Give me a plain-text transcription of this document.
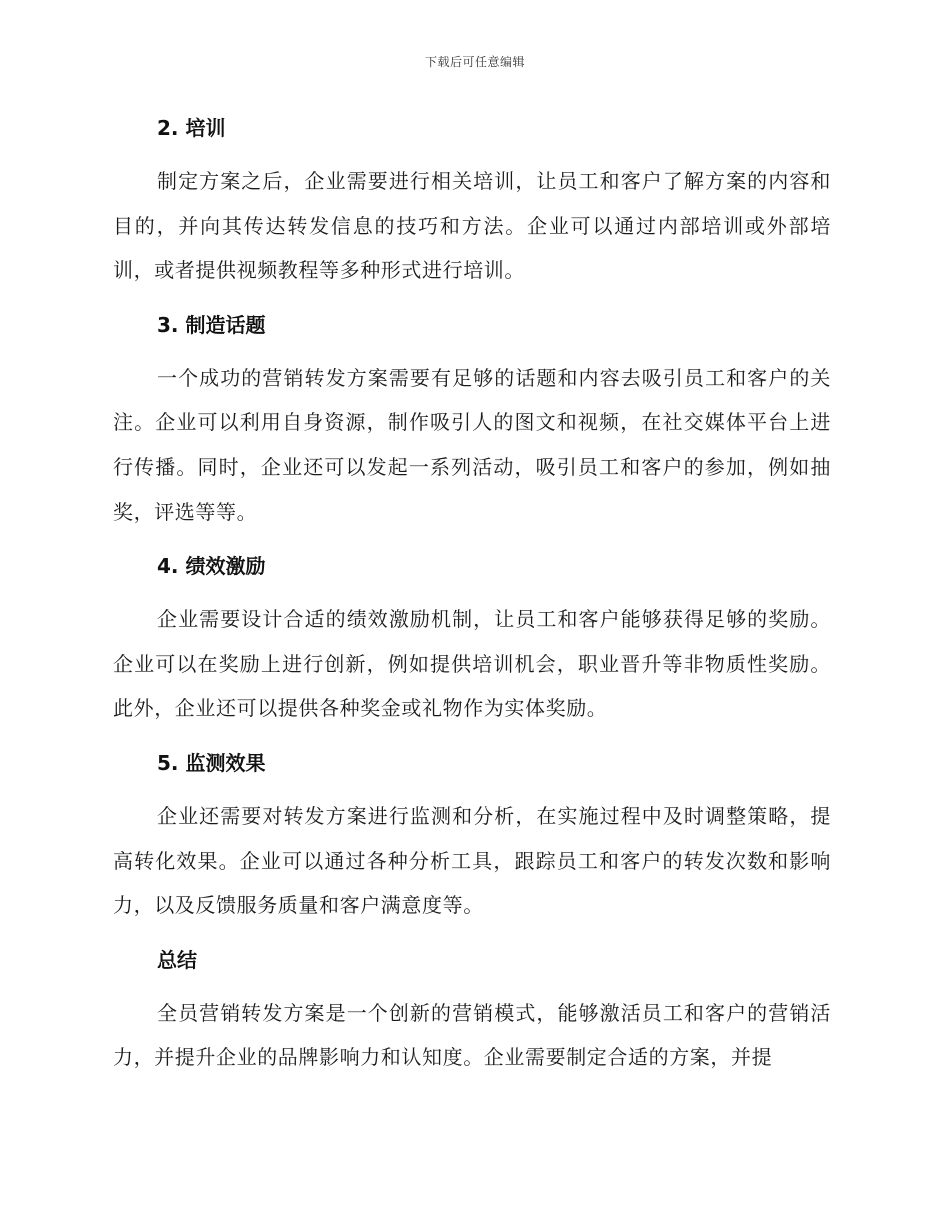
下载后可任意编辑
2. 培训

制定方案之后，企业需要进行相关培训，让员工和客户了解方案的内容和目的，并向其传达转发信息的技巧和方法。企业可以通过内部培训或外部培训，或者提供视频教程等多种形式进行培训。

3. 制造话题

一个成功的营销转发方案需要有足够的话题和内容去吸引员工和客户的关注。企业可以利用自身资源，制作吸引人的图文和视频，在社交媒体平台上进行传播。同时，企业还可以发起一系列活动，吸引员工和客户的参加，例如抽奖，评选等等。

4. 绩效激励

企业需要设计合适的绩效激励机制，让员工和客户能够获得足够的奖励。企业可以在奖励上进行创新，例如提供培训机会，职业晋升等非物质性奖励。此外，企业还可以提供各种奖金或礼物作为实体奖励。

5. 监测效果

企业还需要对转发方案进行监测和分析，在实施过程中及时调整策略，提高转化效果。企业可以通过各种分析工具，跟踪员工和客户的转发次数和影响力，以及反馈服务质量和客户满意度等。

总结

全员营销转发方案是一个创新的营销模式，能够激活员工和客户的营销活力，并提升企业的品牌影响力和认知度。企业需要制定合适的方案，并提
